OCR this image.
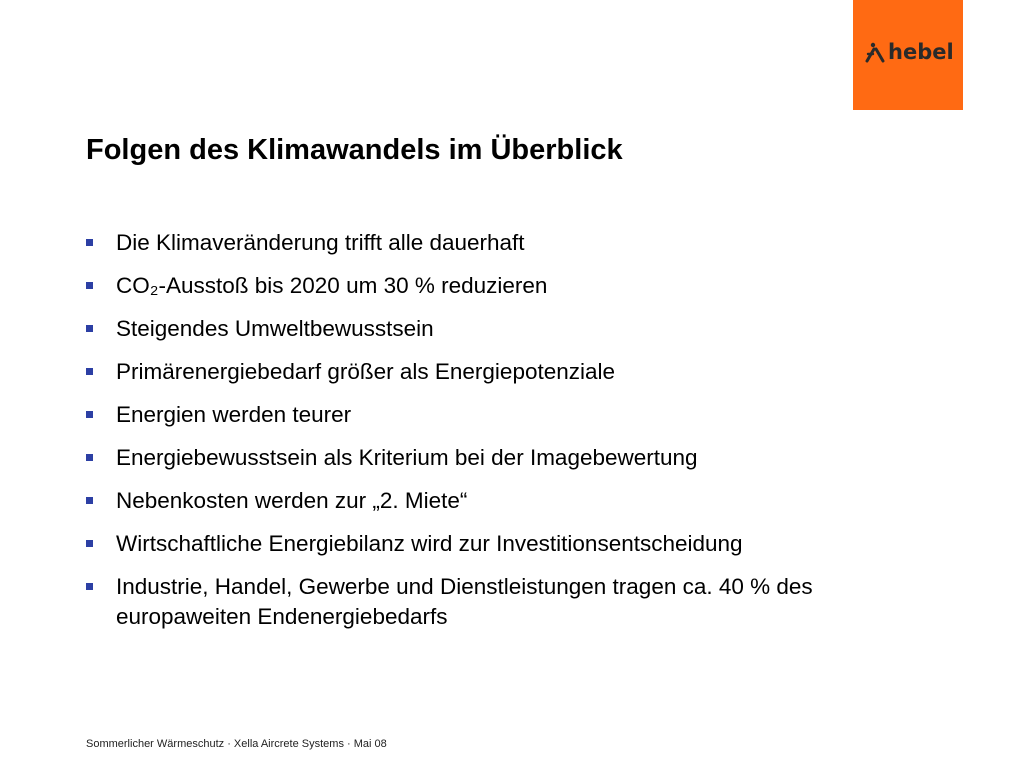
hebel
Folgen des Klimawandels im Überblick
Die Klimaveränderung trifft alle dauerhaft
CO₂-Ausstoß bis 2020 um 30 % reduzieren
Steigendes Umweltbewusstsein
Primärenergiebedarf größer als Energiepotenziale
Energien werden teurer
Energiebewusstsein als Kriterium bei der Imagebewertung
Nebenkosten werden zur „2. Miete“
Wirtschaftliche Energiebilanz wird zur Investitionsentscheidung
Industrie, Handel, Gewerbe und Dienstleistungen tragen ca. 40 % des europaweiten Endenergiebedarfs
Sommerlicher Wärmeschutz · Xella Aircrete Systems · Mai 08
